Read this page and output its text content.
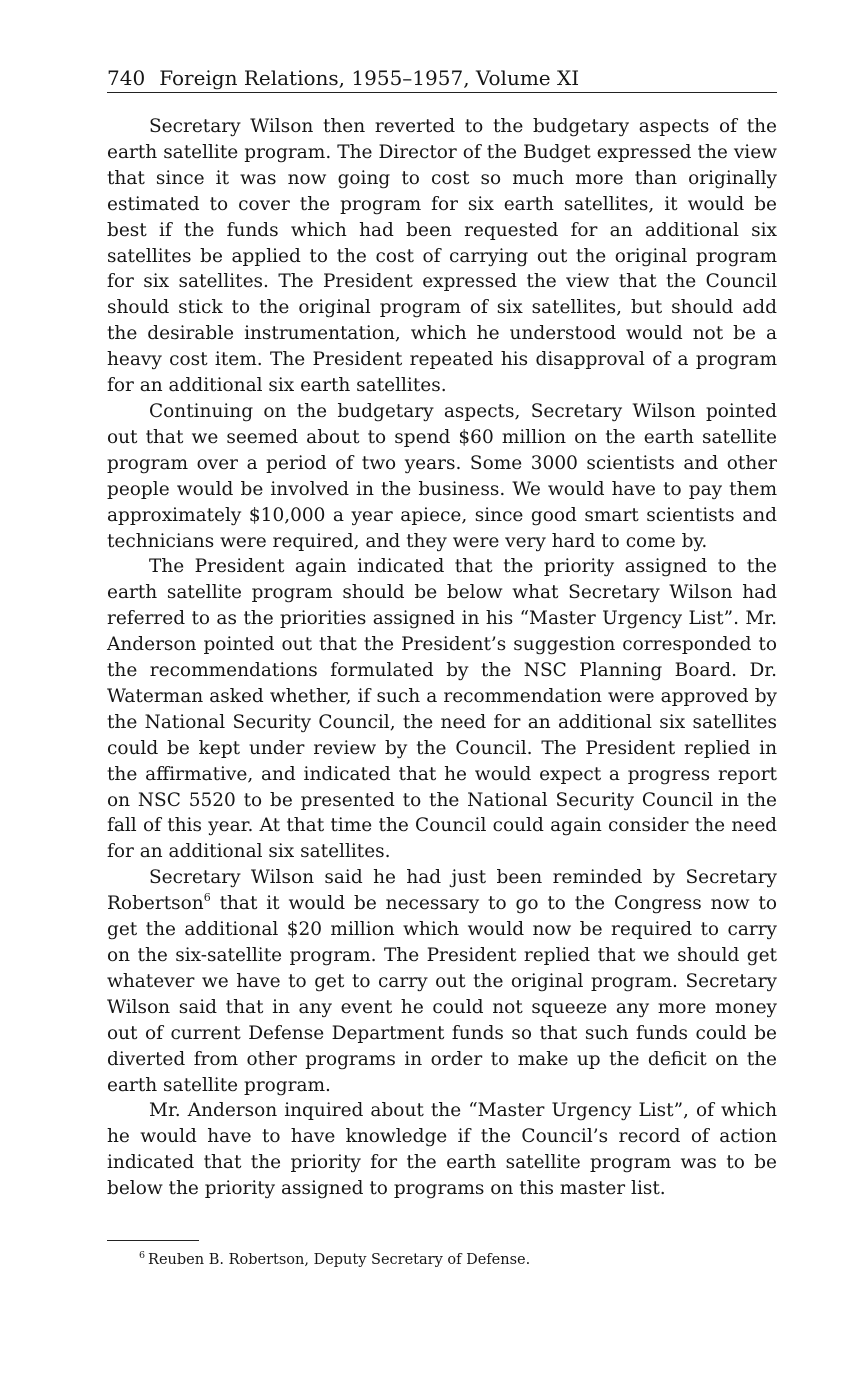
740 Foreign Relations, 1955–1957, Volume XI

Secretary Wilson then reverted to the budgetary aspects of the earth satellite program. The Director of the Budget expressed the view that since it was now going to cost so much more than originally estimated to cover the program for six earth satellites, it would be best if the funds which had been requested for an additional six satellites be applied to the cost of carrying out the original program for six satellites. The President expressed the view that the Council should stick to the original program of six satellites, but should add the desirable instrumentation, which he understood would not be a heavy cost item. The President repeated his disapproval of a program for an additional six earth satellites.

Continuing on the budgetary aspects, Secretary Wilson pointed out that we seemed about to spend $60 million on the earth satellite program over a period of two years. Some 3000 scientists and other people would be involved in the business. We would have to pay them approximately $10,000 a year apiece, since good smart scientists and technicians were required, and they were very hard to come by.

The President again indicated that the priority assigned to the earth satellite program should be below what Secretary Wilson had referred to as the priorities assigned in his “Master Urgency List”. Mr. Anderson pointed out that the President’s suggestion corresponded to the recommendations formulated by the NSC Planning Board. Dr. Waterman asked whether, if such a recommendation were approved by the National Security Council, the need for an additional six satellites could be kept under review by the Council. The President replied in the affirmative, and indicated that he would expect a progress report on NSC 5520 to be presented to the National Security Council in the fall of this year. At that time the Council could again consider the need for an additional six satellites.

Secretary Wilson said he had just been reminded by Secretary Robertson$^6$ that it would be necessary to go to the Congress now to get the additional $20 million which would now be required to carry on the six-satellite program. The President replied that we should get whatever we have to get to carry out the original program. Secretary Wilson said that in any event he could not squeeze any more money out of current Defense Department funds so that such funds could be diverted from other programs in order to make up the deficit on the earth satellite program.

Mr. Anderson inquired about the “Master Urgency List”, of which he would have to have knowledge if the Council’s record of action indicated that the priority for the earth satellite program was to be below the priority assigned to programs on this master list.

$^6$ Reuben B. Robertson, Deputy Secretary of Defense.
